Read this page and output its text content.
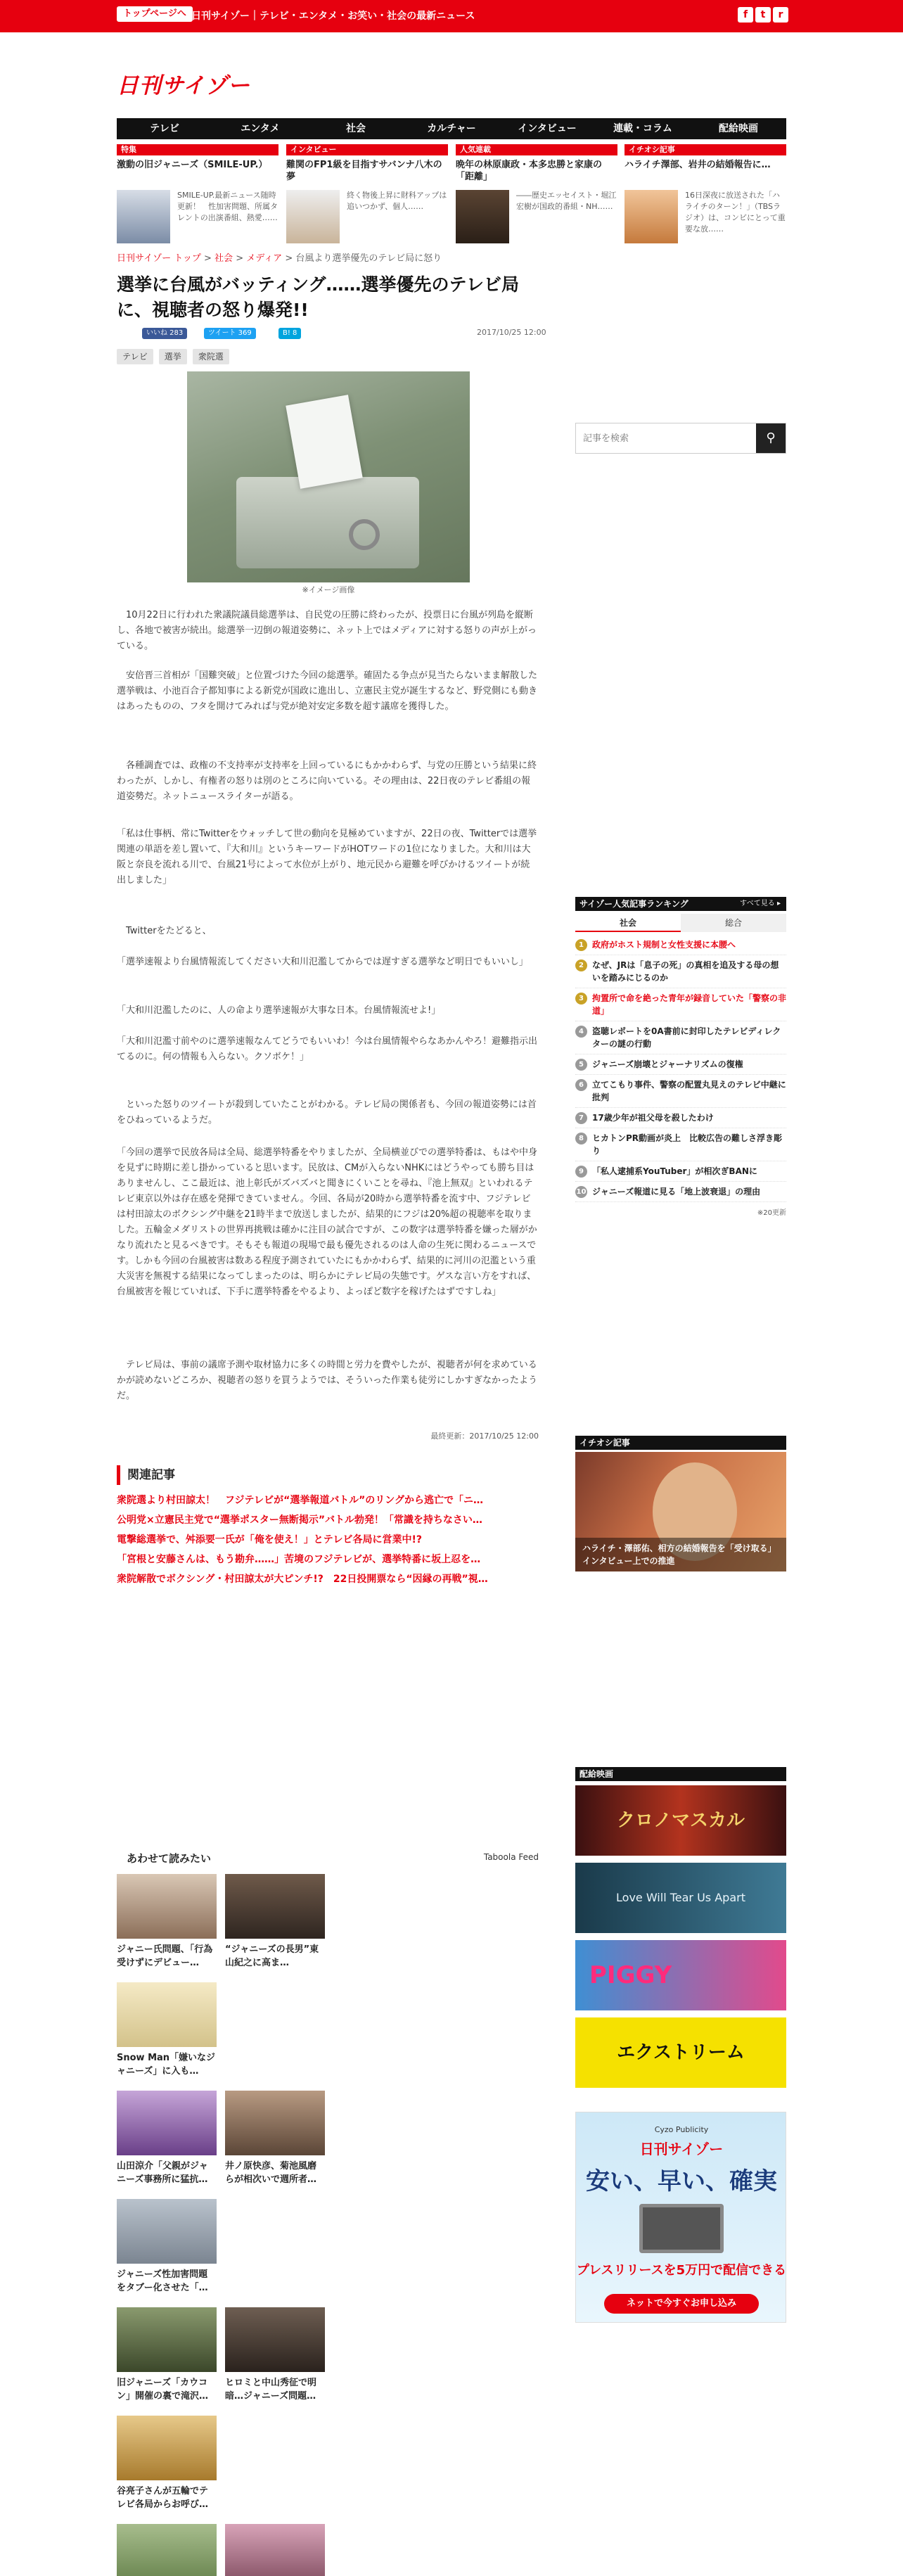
トップページへ 日刊サイゾー｜テレビ・エンタメ・お笑い・社会の最新ニュース	f	t	r
日刊サイゾー
テレビ	エンタメ	社会	カルチャー	インタビュー	連載・コラム	配給映画
特集
激動の旧ジャニーズ（SMILE-UP.）
SMILE-UP.最新ニュース随時更新！　性加害問題、所属タレントの出演番組、熱愛……
インタビュー
難関のFP1級を目指すサバンナ八木の夢
終く物後上昇に財科アップは追いつかず、個人……
人気連載
晩年の林原康政・本多忠勝と家康の「距離」
――歴史エッセイスト・堀江宏樹が国政的番組・NH……
イチオシ記事
ハライチ澤部、岩井の結婚報告に…
16日深夜に放送された「ハライチのターン！」（TBSラジオ）は、コンビにとって重要な放……
日刊サイゾー トップ > 社会 > メディア > 台風より選挙優先のテレビ局に怒り
選挙に台風がバッティング……選挙優先のテレビ局に、視聴者の怒り爆発!!
いいね 283	ツイート 369	B! 8	2017/10/25 12:00
テレビ	選挙	衆院選
※イメージ画像

10月22日に行われた衆議院議員総選挙は、自民党の圧勝に終わったが、投票日に台風が列島を縦断し、各地で被害が続出。総選挙一辺倒の報道姿勢に、ネット上ではメディアに対する怒りの声が上がっている。

安倍晋三首相が「国難突破」と位置づけた今回の総選挙。確固たる争点が見当たらないまま解散した選挙戦は、小池百合子都知事による新党が国政に進出し、立憲民主党が誕生するなど、野党側にも動きはあったものの、フタを開けてみれば与党が絶対安定多数を超す議席を獲得した。

各種調査では、政権の不支持率が支持率を上回っているにもかかわらず、与党の圧勝という結果に終わったが、しかし、有権者の怒りは別のところに向いている。その理由は、22日夜のテレビ番組の報道姿勢だ。ネットニュースライターが語る。

「私は仕事柄、常にTwitterをウォッチして世の動向を見極めていますが、22日の夜、Twitterでは選挙関連の単語を差し置いて、『大和川』というキーワードがHOTワードの1位になりました。大和川は大阪と奈良を流れる川で、台風21号によって水位が上がり、地元民から避難を呼びかけるツイートが続出しました」

Twitterをたどると、

「選挙速報より台風情報流してください大和川氾濫してからでは遅すぎる選挙など明日でもいいし」

「大和川氾濫したのに、人の命より選挙速報が大事な日本。台風情報流せよ!」

「大和川氾濫寸前やのに選挙速報なんてどうでもいいわ！今は台風情報やらなあかんやろ！避難指示出てるのに。何の情報も入らない。クソボケ！」

といった怒りのツイートが殺到していたことがわかる。テレビ局の関係者も、今回の報道姿勢には首をひねっているようだ。

「今回の選挙で民放各局は全局、総選挙特番をやりましたが、全局横並びでの選挙特番は、もはや中身を見ずに時期に差し掛かっていると思います。民放は、CMが入らないNHKにはどうやっても勝ち目はありませんし、ここ最近は、池上彰氏がズバズバと聞きにくいことを尋ね、『池上無双』といわれるテレビ東京以外は存在感を発揮できていません。今回、各局が20時から選挙特番を流す中、フジテレビは村田諒太のボクシング中継を21時半まで放送しましたが、結果的にフジは20%超の視聴率を取りました。五輪金メダリストの世界再挑戦は確かに注目の試合ですが、この数字は選挙特番を嫌った層がかなり流れたと見るべきです。そもそも報道の現場で最も優先されるのは人命の生死に関わるニュースです。しかも今回の台風被害は数ある程度予測されていたにもかかわらず、結果的に河川の氾濫という重大災害を無視する結果になってしまったのは、明らかにテレビ局の失態です。ゲスな言い方をすれば、台風被害を報じていれば、下手に選挙特番をやるより、よっぽど数字を稼げたはずですしね」

テレビ局は、事前の議席予測や取材協力に多くの時間と労力を費やしたが、視聴者が何を求めているかが読めないどころか、視聴者の怒りを買うようでは、そういった作業も徒労にしかすぎなかったようだ。

最終更新：2017/10/25 12:00
関連記事
衆院選より村田諒太！　フジテレビが“選挙報道バトル”のリングから逃亡で「ニ…
公明党×立憲民主党で“選挙ポスター無断掲示”バトル勃発！「常識を持ちなさい…
電撃総選挙で、舛添要一氏が「俺を使え！」とテレビ各局に営業中!?
「宮根と安藤さんは、もう勘弁……」苦境のフジテレビが、選挙特番に坂上忍を…
衆院解散でボクシング・村田諒太が大ピンチ!?　22日投開票なら“因縁の再戦”視…
あわせて読みたい	Taboola Feed
ジャニー氏問題、「行為受けずにデビュー…
“ジャニーズの長男”東山紀之に高ま…
Snow Man「嫌いなジャニーズ」に入も…
山田涼介「父親がジャニーズ事務所に猛抗…
井ノ原快彦、菊池風磨らが相次いで週所者…
ジャニーズ性加害問題をタブー化させた「…
旧ジャニーズ「カウコン」開催の裏で滝沢…
ヒロミと中山秀征で明暗…ジャニーズ問題…
谷亮子さんが五輪でテレビ各局からお呼び…
記事を検索
⚲
サイゾー人気記事ランキング	すべて見る ▸
社会	総合
1	政府がホスト規制と女性支援に本腰へ
2	なぜ、JRは「息子の死」の真相を追及する母の想いを踏みにじるのか
3	拘置所で命を絶った青年が録音していた「警察の非道」
4	盗聴レポートを0A書前に封印したテレビディレクターの謎の行動
5	ジャニーズ崩壊とジャーナリズムの復権
6	立てこもり事件、警察の配置丸見えのテレビ中継に批判
7	17歳少年が祖父母を殺したわけ
8	ヒカトンPR動画が炎上　比較広告の難しさ浮き彫り
9	「私人逮捕系YouTuber」が相次ぎBANに
10 ジャニーズ報道に見る「地上波衰退」の理由
※20更新
イチオシ記事
ハライチ・澤部佑、相方の結婚報告を「受け取る」インタビュー上での推進
配給映画
クロノマスカル
Love Will Tear Us Apart
PIGGY
エクストリーム
Cyzo Publicity
日刊サイゾー
安い、早い、確実
プレスリリースを5万円で配信できる
ネットで今すぐお申し込み
